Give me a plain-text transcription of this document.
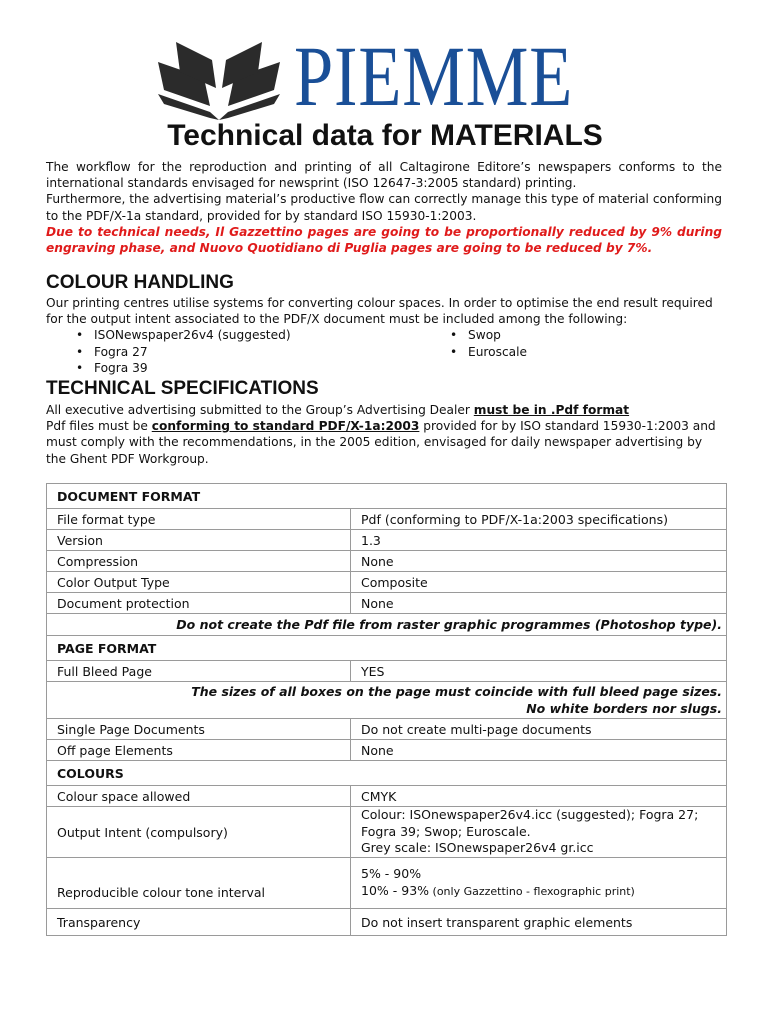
PIEMME
Technical data for MATERIALS
The workflow for the reproduction and printing of all Caltagirone Editore’s newspapers conforms to the international standards envisaged for newsprint (ISO 12647-3:2005 standard) printing.
Furthermore, the advertising material’s productive flow can correctly manage this type of material conforming to the PDF/X-1a standard, provided for by standard ISO 15930-1:2003.
Due to technical needs, Il Gazzettino pages are going to be proportionally reduced by 9% during engraving phase, and Nuovo Quotidiano di Puglia pages are going to be reduced by 7%.
COLOUR HANDLING
Our printing centres utilise systems for converting colour spaces. In order to optimise the end result required for the output intent associated to the PDF/X document must be included among the following:
• ISONewspaper26v4 (suggested)
• Fogra 27
• Fogra 39
• Swop
• Euroscale
TECHNICAL SPECIFICATIONS
All executive advertising submitted to the Group’s Advertising Dealer must be in .Pdf format
Pdf files must be conforming to standard PDF/X-1a:2003 provided for by ISO standard 15930-1:2003 and must comply with the recommendations, in the 2005 edition, envisaged for daily newspaper advertising by the Ghent PDF Workgroup.
DOCUMENT FORMAT	
File format type	Pdf (conforming to PDF/X-1a:2003 specifications)
Version	1.3
Compression	None
Color Output Type	Composite
Document protection	None
Do not create the Pdf file from raster graphic programmes (Photoshop type).	
PAGE FORMAT	
Full Bleed Page	YES

The sizes of all boxes on the page must coincide with full bleed page sizes.
No white borders nor slugs.	

Single Page Documents	Do not create multi-page documents
Off page Elements	None
COLOURS	
Colour space allowed	CMYK
Output Intent (compulsory)	Colour: ISOnewspaper26v4.icc (suggested); Fogra 27;
Fogra 39; Swop; Euroscale.
Grey scale: ISOnewspaper26v4 gr.icc

Reproducible colour tone interval	5% - 90%
10% - 93% (only Gazzettino - flexographic print)

Transparency	Do not insert transparent graphic elements
